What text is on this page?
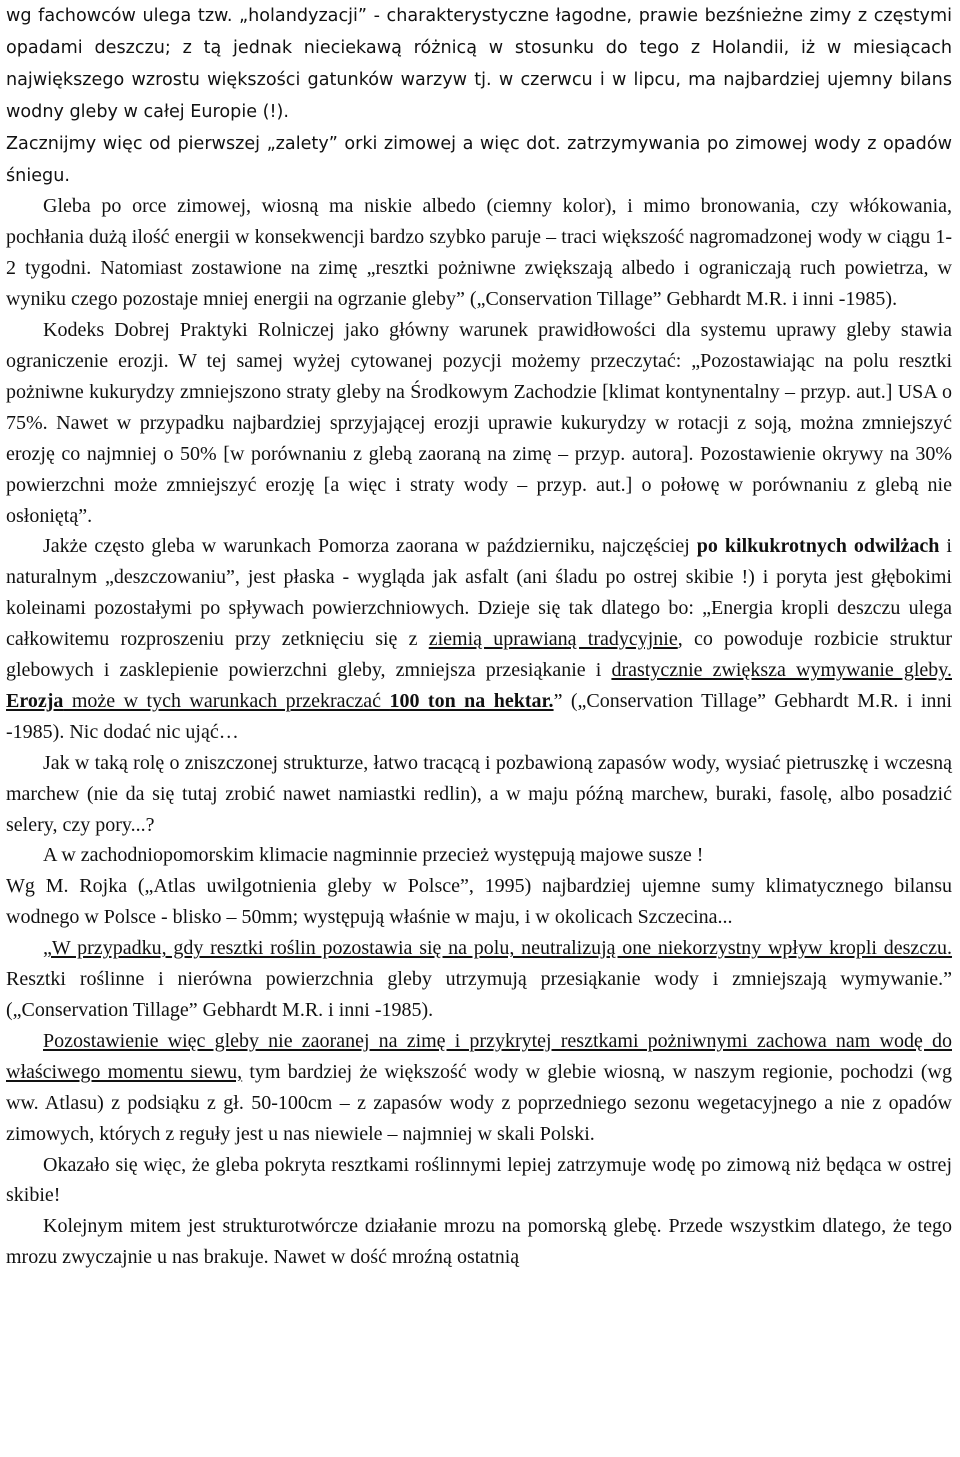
wg fachowców ulega tzw. „holandyzacji” - charakterystyczne łagodne, prawie bezśnieżne zimy z częstymi opadami deszczu; z tą jednak nieciekawą różnicą w stosunku do tego z Holandii, iż w miesiącach największego wzrostu większości gatunków warzyw tj. w czerwcu i w lipcu, ma najbardziej ujemny bilans wodny gleby w całej Europie (!).
Zacznijmy więc od pierwszej „zalety” orki zimowej a więc dot. zatrzymywania po zimowej wody z opadów śniegu.

Gleba po orce zimowej, wiosną ma niskie albedo (ciemny kolor), i mimo bronowania, czy włókowania, pochłania dużą ilość energii w konsekwencji bardzo szybko paruje – traci większość nagromadzonej wody w ciągu 1-2 tygodni. Natomiast zostawione na zimę „resztki pożniwne zwiększają albedo i ograniczają ruch powietrza, w wyniku czego pozostaje mniej energii na ogrzanie gleby” („Conservation Tillage” Gebhardt M.R. i inni -1985).

Kodeks Dobrej Praktyki Rolniczej jako główny warunek prawidłowości dla systemu uprawy gleby stawia ograniczenie erozji. W tej samej wyżej cytowanej pozycji możemy przeczytać: „Pozostawiając na polu resztki pożniwne kukurydzy zmniejszono straty gleby na Środkowym Zachodzie [klimat kontynentalny – przyp. aut.] USA o 75%. Nawet w przypadku najbardziej sprzyjającej erozji uprawie kukurydzy w rotacji z soją, można zmniejszyć erozję co najmniej o 50% [w porównaniu z glebą zaoraną na zimę – przyp. autora]. Pozostawienie okrywy na 30% powierzchni może zmniejszyć erozję [a więc i straty wody – przyp. aut.] o połowę w porównaniu z glebą nie osłoniętą”.

Jakże często gleba w warunkach Pomorza zaorana w październiku, najczęściej po kilkukrotnych odwilżach i naturalnym „deszczowaniu”, jest płaska - wygląda jak asfalt (ani śladu po ostrej skibie !) i poryta jest głębokimi koleinami pozostałymi po spływach powierzchniowych. Dzieje się tak dlatego bo: „Energia kropli deszczu ulega całkowitemu rozproszeniu przy zetknięciu się z ziemią uprawianą tradycyjnie, co powoduje rozbicie struktur glebowych i zasklepienie powierzchni gleby, zmniejsza przesiąkanie i drastycznie zwiększa wymywanie gleby. Erozja może w tych warunkach przekraczać 100 ton na hektar.” („Conservation Tillage” Gebhardt M.R. i inni -1985). Nic dodać nic ująć…

Jak w taką rolę o zniszczonej strukturze, łatwo tracącą i pozbawioną zapasów wody, wysiać pietruszkę i wczesną marchew (nie da się tutaj zrobić nawet namiastki redlin), a w maju późną marchew, buraki, fasolę, albo posadzić selery, czy pory...?

A w zachodniopomorskim klimacie nagminnie przecież występują majowe susze !

Wg M. Rojka („Atlas uwilgotnienia gleby w Polsce”, 1995) najbardziej ujemne sumy klimatycznego bilansu wodnego w Polsce - blisko – 50mm; występują właśnie w maju, i w okolicach Szczecina...

„W przypadku, gdy resztki roślin pozostawia się na polu, neutralizują one niekorzystny wpływ kropli deszczu. Resztki roślinne i nierówna powierzchnia gleby utrzymują przesiąkanie wody i zmniejszają wymywanie.” („Conservation Tillage” Gebhardt M.R. i inni -1985).

Pozostawienie więc gleby nie zaoranej na zimę i przykrytej resztkami pożniwnymi zachowa nam wodę do właściwego momentu siewu, tym bardziej że większość wody w glebie wiosną, w naszym regionie, pochodzi (wg ww. Atlasu) z podsiąku z gł. 50-100cm – z zapasów wody z poprzedniego sezonu wegetacyjnego a nie z opadów zimowych, których z reguły jest u nas niewiele – najmniej w skali Polski.

Okazało się więc, że gleba pokryta resztkami roślinnymi lepiej zatrzymuje wodę po zimową niż będąca w ostrej skibie!

Kolejnym mitem jest strukturotwórcze działanie mrozu na pomorską glebę. Przede wszystkim dlatego, że tego mrozu zwyczajnie u nas brakuje. Nawet w dość mroźną ostatnią
